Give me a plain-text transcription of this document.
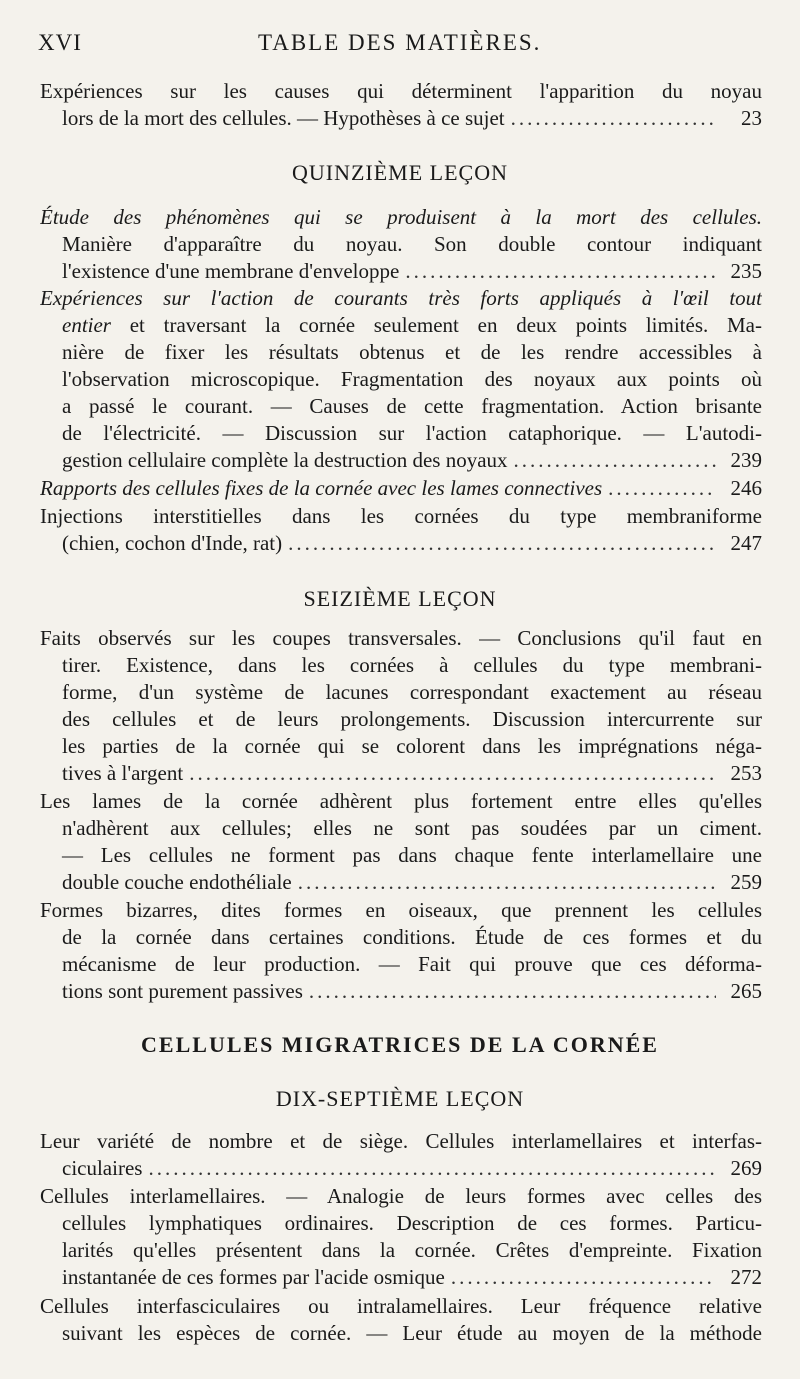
XVI	TABLE DES MATIÈRES.
Expériences sur les causes qui déterminent l'apparition du noyau
lors de la mort des cellules. — Hypothèses à ce sujet .....	23
QUINZIÈME LEÇON
Étude des phénomènes qui se produisent à la mort des cellules.
Manière d'apparaître du noyau. Son double contour indiquant
l'existence d'une membrane d'enveloppe .....	235
Expériences sur l'action de courants très forts appliqués à l'œil tout
entier et traversant la cornée seulement en deux points limités. Ma-
nière de fixer les résultats obtenus et de les rendre accessibles à
l'observation microscopique. Fragmentation des noyaux aux points où
a passé le courant. — Causes de cette fragmentation. Action brisante
de l'électricité. — Discussion sur l'action cataphorique. — L'autodi-
gestion cellulaire complète la destruction des noyaux .....	239
Rapports des cellules fixes de la cornée avec les lames connectives .....	246
Injections interstitielles dans les cornées du type membraniforme
(chien, cochon d'Inde, rat) .....	247
SEIZIÈME LEÇON
Faits observés sur les coupes transversales. — Conclusions qu'il faut en
tirer. Existence, dans les cornées à cellules du type membrani-
forme, d'un système de lacunes correspondant exactement au réseau
des cellules et de leurs prolongements. Discussion intercurrente sur
les parties de la cornée qui se colorent dans les imprégnations néga-
tives à l'argent .....	253
Les lames de la cornée adhèrent plus fortement entre elles qu'elles
n'adhèrent aux cellules; elles ne sont pas soudées par un ciment.
— Les cellules ne forment pas dans chaque fente interlamellaire une
double couche endothéliale .....	259
Formes bizarres, dites formes en oiseaux, que prennent les cellules
de la cornée dans certaines conditions. Étude de ces formes et du
mécanisme de leur production. — Fait qui prouve que ces déforma-
tions sont purement passives .....	265
CELLULES MIGRATRICES DE LA CORNÉE
DIX-SEPTIÈME LEÇON
Leur variété de nombre et de siège. Cellules interlamellaires et interfas-
ciculaires .....	269
Cellules interlamellaires. — Analogie de leurs formes avec celles des
cellules lymphatiques ordinaires. Description de ces formes. Particu-
larités qu'elles présentent dans la cornée. Crêtes d'empreinte. Fixation
instantanée de ces formes par l'acide osmique .....	272
Cellules interfasciculaires ou intralamellaires. Leur fréquence relative
suivant les espèces de cornée. — Leur étude au moyen de la méthode
